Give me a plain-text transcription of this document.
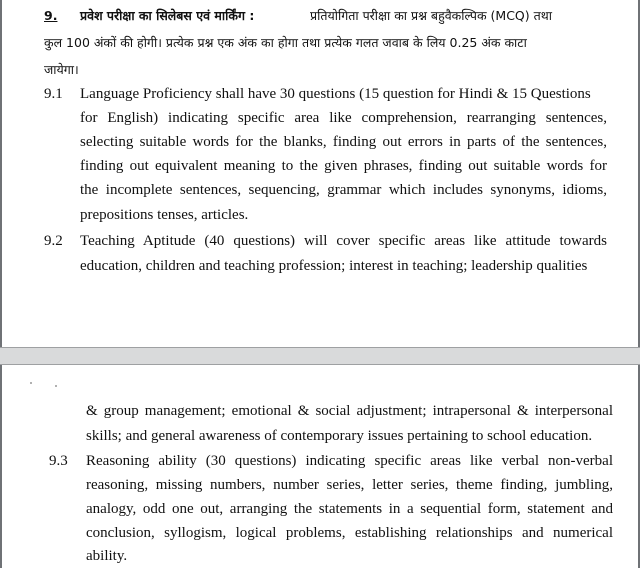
9. प्रवेश परीक्षा का सिलेबस एवं मार्किंग :	प्रतियोगिता परीक्षा का प्रश्न बहुवैकल्पिक (MCQ) तथा
कुल 100 अंकों की होगी। प्रत्येक प्रश्न एक अंक का होगा तथा प्रत्येक गलत जवाब के लिय 0.25 अंक काटा
जायेगा।
9.1 Language Proficiency shall have 30 questions (15 question for Hindi & 15 Questions
for English) indicating specific area like comprehension, rearranging sentences,
selecting suitable words for the blanks, finding out errors in parts of the sentences,
finding out equivalent meaning to the given phrases, finding out suitable words for
the incomplete sentences, sequencing, grammar which includes synonyms, idioms,
prepositions tenses, articles.
9.2 Teaching Aptitude (40 questions) will cover specific areas like attitude towards
education, children and teaching profession; interest in teaching; leadership qualities
& group management; emotional & social adjustment; intrapersonal & interpersonal
skills; and general awareness of contemporary issues pertaining to school education.
9.3 Reasoning ability (30 questions) indicating specific areas like verbal non-verbal
reasoning, missing numbers, number series, letter series, theme finding, jumbling,
analogy, odd one out, arranging the statements in a sequential form, statement and
conclusion, syllogism, logical problems, establishing relationships and numerical
ability.
